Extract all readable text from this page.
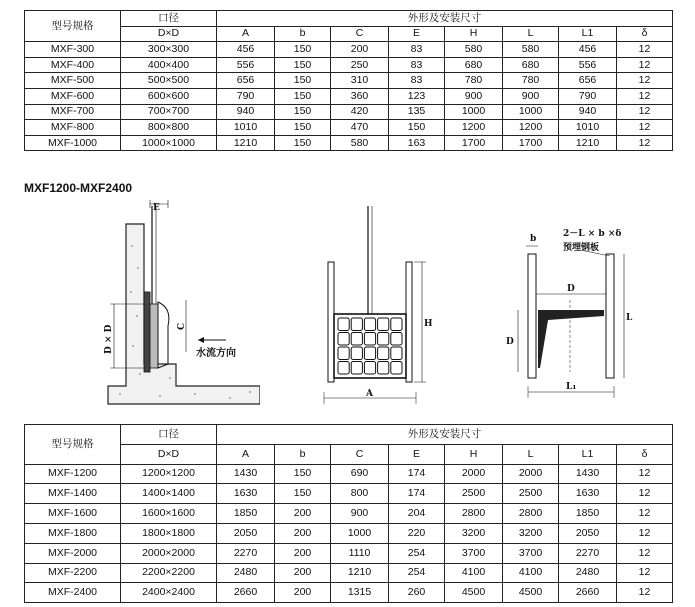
型号规格	口径	外形及安装尺寸							
	D×D	A	b	C	E	H	L	L1	δ
MXF-300	300×300	456	150	200	83	580	580	456	12
MXF-400	400×400	556	150	250	83	680	680	556	12
MXF-500	500×500	656	150	310	83	780	780	656	12
MXF-600	600×600	790	150	360	123	900	900	790	12
MXF-700	700×700	940	150	420	135	1000	1000	940	12
MXF-800	800×800	1010	150	470	150	1200	1200	1010	12
MXF-1000	1000×1000	1210	150	580	163	1700	1700	1210	12
MXF1200-MXF2400
E
D × D	C
水流方向
H
A
2－L × b ×δ
预埋钢板
b
D
D
L
L₁
型号规格	口径	外形及安装尺寸							
	D×D	A	b	C	E	H	L	L1	δ
MXF-1200	1200×1200	1430	150	690	174	2000	2000	1430	12
MXF-1400	1400×1400	1630	150	800	174	2500	2500	1630	12
MXF-1600	1600×1600	1850	200	900	204	2800	2800	1850	12
MXF-1800	1800×1800	2050	200	1000	220	3200	3200	2050	12
MXF-2000	2000×2000	2270	200	1110	254	3700	3700	2270	12
MXF-2200	2200×2200	2480	200	1210	254	4100	4100	2480	12
MXF-2400	2400×2400	2660	200	1315	260	4500	4500	2660	12
